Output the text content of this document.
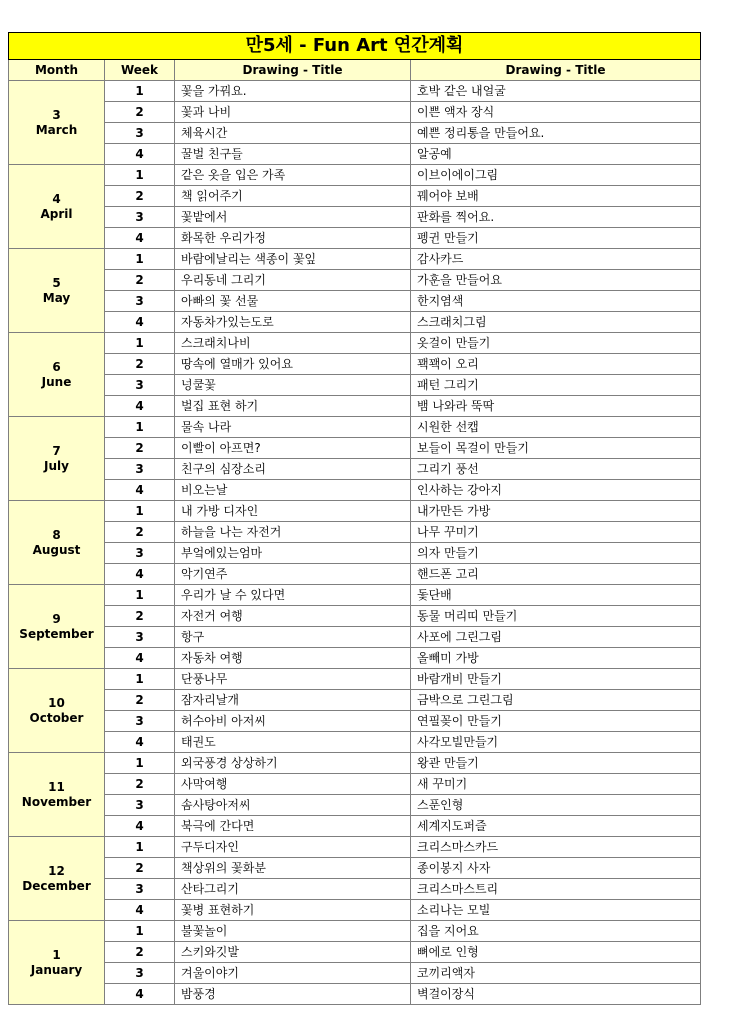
만5세 - Fun Art 연간계획			
Month	Week	Drawing - Title	Drawing - Title

3
March	1	꽃을 가꿔요.	호박 같은 내얼굴
	2	꽃과 나비	이쁜 액자 장식
	3	체육시간	예쁜 정리통을 만들어요.
	4	꿀벌 친구들	알공예

4
April	1	같은 옷을 입은 가족	이브이에이그림
	2	책 읽어주기	꿰어야 보배
	3	꽃밭에서	판화를 찍어요.
	4	화목한 우리가정	펭귄 만들기

5
May	1	바람에날리는 색종이 꽃잎	감사카드
	2	우리동네 그리기	가훈을 만들어요
	3	아빠의 꽃 선물	한지염색
	4	자동차가있는도로	스크래치그림

6
June	1	스크래치나비	옷걸이 만들기
	2	땅속에 열매가 있어요	꽥꽥이 오리
	3	넝쿨꽃	패턴 그리기
	4	벌집 표현 하기	뱀 나와라 뚝딱

7
July	1	물속 나라	시원한 선캡
	2	이빨이 아프면?	보들이 목걸이 만들기
	3	친구의 심장소리	그리기 풍선
	4	비오는날	인사하는 강아지

8
August	1	내 가방 디자인	내가만든 가방
	2	하늘을 나는 자전거	나무 꾸미기
	3	부엌에있는엄마	의자 만들기
	4	악기연주	핸드폰 고리

9
September	1	우리가 날 수 있다면	돛단배
	2	자전거 여행	동물 머리띠 만들기
	3	항구	사포에 그린그림
	4	자동차 여행	올빼미 가방

10
October	1	단풍나무	바람개비 만들기
	2	잠자리날개	금박으로 그린그림
	3	허수아비 아저씨	연필꽂이 만들기
	4	태권도	사각모빌만들기

11
November	1	외국풍경 상상하기	왕관 만들기
	2	사막여행	새 꾸미기
	3	솜사탕아저씨	스푼인형
	4	북극에 간다면	세계지도퍼즐

12
December	1	구두디자인	크리스마스카드
	2	책상위의 꽃화분	종이봉지 사자
	3	산타그리기	크리스마스트리
	4	꽃병 표현하기	소리나는 모빌

1
January	1	불꽃놀이	집을 지어요
	2	스키와깃발	뼈에로 인형
	3	겨울이야기	코끼리액자
	4	밤풍경	벽걸이장식
